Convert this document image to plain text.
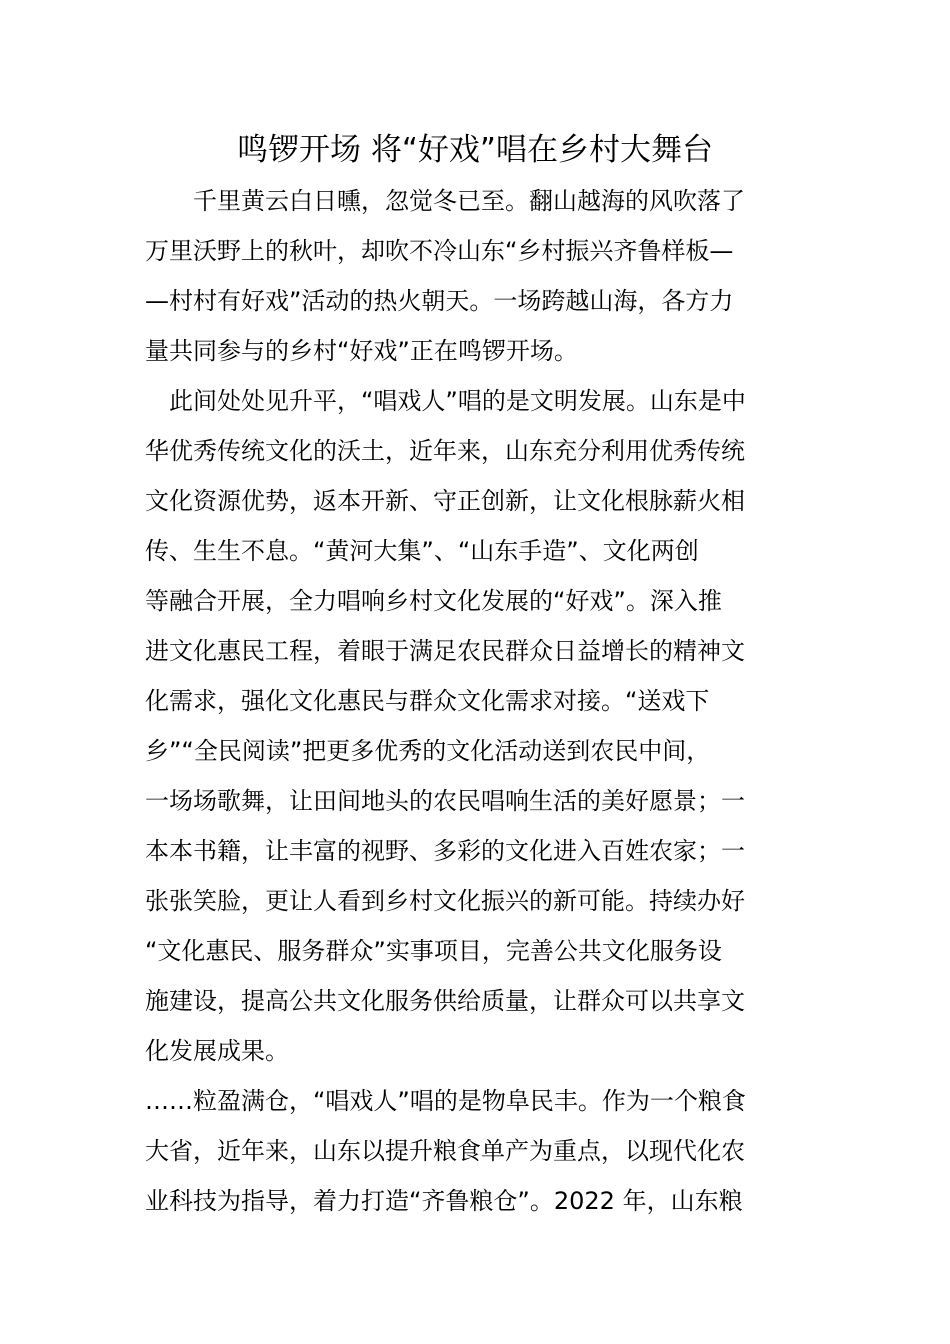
鸣锣开场 将“好戏”唱在乡村大舞台
　　千里黄云白日曛，忽觉冬已至。翻山越海的风吹落了
万里沃野上的秋叶，却吹不冷山东“乡村振兴齐鲁样板—
—村村有好戏”活动的热火朝天。一场跨越山海，各方力
量共同参与的乡村“好戏”正在鸣锣开场。
　此间处处见升平，“唱戏人”唱的是文明发展。山东是中
华优秀传统文化的沃土，近年来，山东充分利用优秀传统
文化资源优势，返本开新、守正创新，让文化根脉薪火相
传、生生不息。“黄河大集”、“山东手造”、文化两创
等融合开展，全力唱响乡村文化发展的“好戏”。深入推
进文化惠民工程，着眼于满足农民群众日益增长的精神文
化需求，强化文化惠民与群众文化需求对接。“送戏下
乡”“全民阅读”把更多优秀的文化活动送到农民中间，
一场场歌舞，让田间地头的农民唱响生活的美好愿景；一
本本书籍，让丰富的视野、多彩的文化进入百姓农家；一
张张笑脸，更让人看到乡村文化振兴的新可能。持续办好
“文化惠民、服务群众”实事项目，完善公共文化服务设
施建设，提高公共文化服务供给质量，让群众可以共享文
化发展成果。
……粒盈满仓，“唱戏人”唱的是物阜民丰。作为一个粮食
大省，近年来，山东以提升粮食单产为重点，以现代化农
业科技为指导，着力打造“齐鲁粮仓”。2022 年，山东粮
